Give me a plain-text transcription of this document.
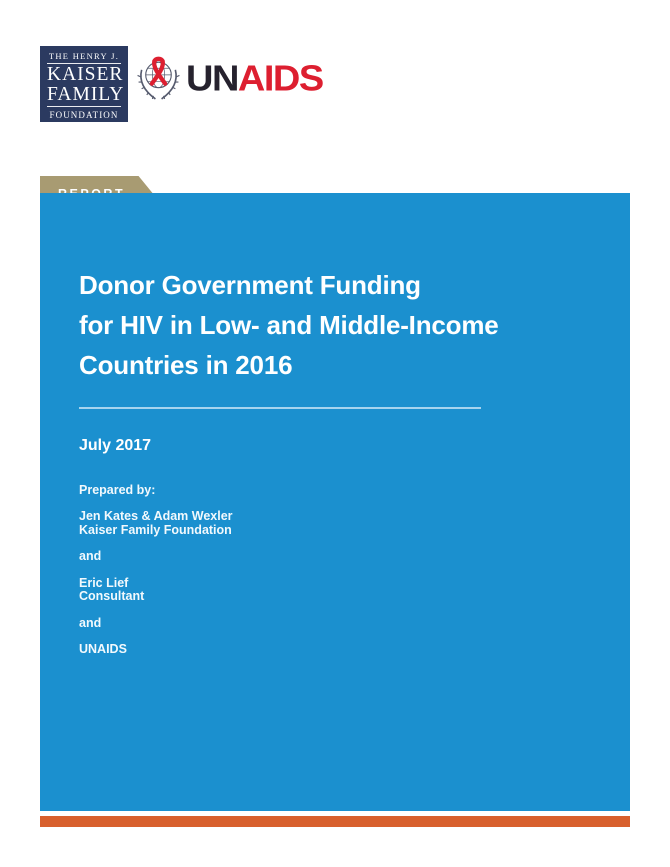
THE HENRY J.
KAISER
FAMILY
FOUNDATION
UNAIDS
Donor Government Funding
for HIV in Low- and Middle-Income
Countries in 2016
July 2017
Prepared by:
Jen Kates & Adam Wexler
Kaiser Family Foundation
and
Eric Lief
Consultant
and
UNAIDS
